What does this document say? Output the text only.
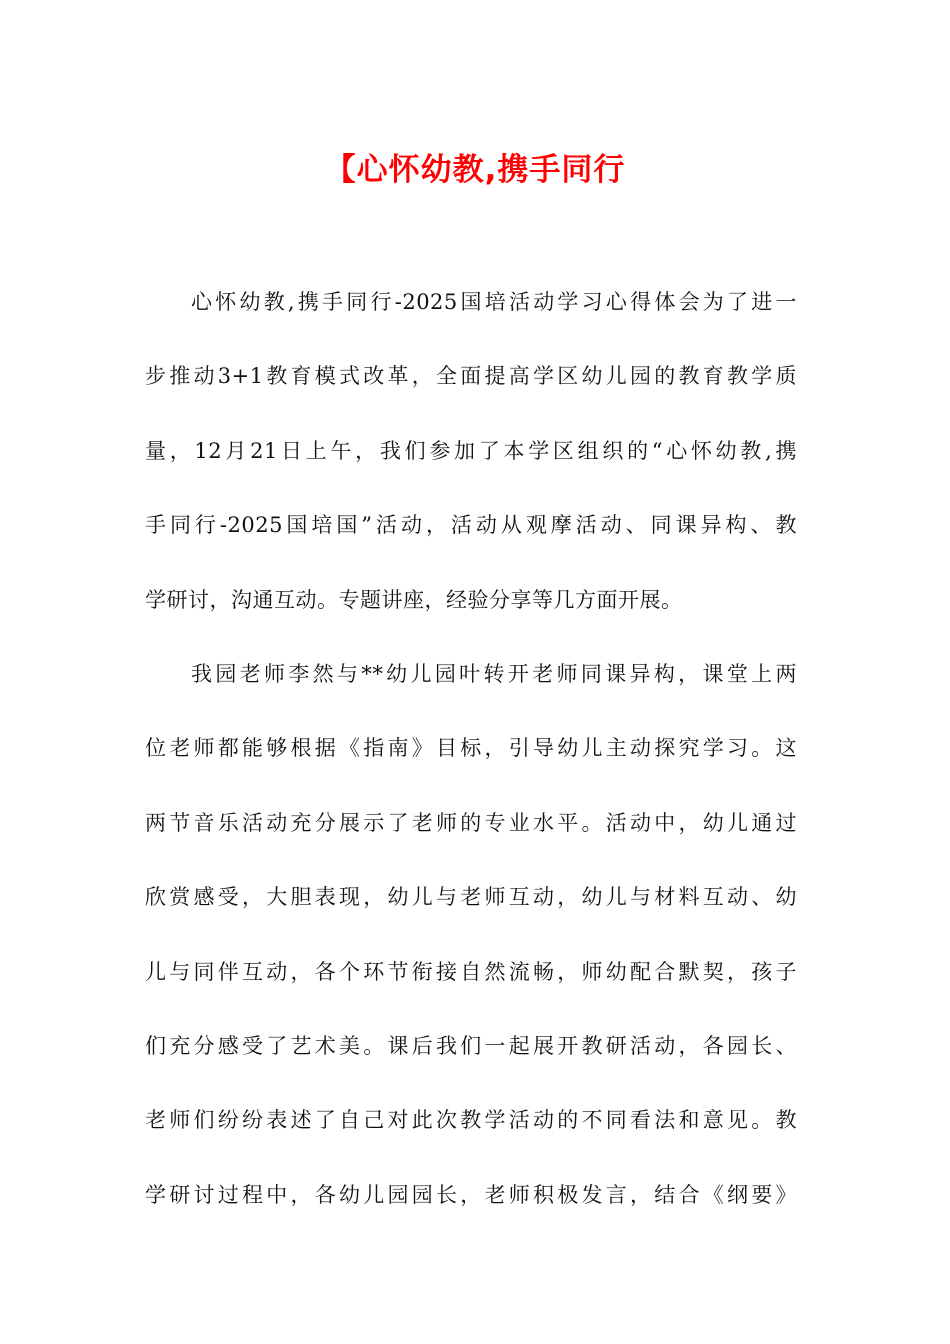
【心怀幼教,携手同行
心怀幼教,携手同行-2025国培活动学习心得体会为了进一
步推动3+1教育模式改革，全面提高学区幼儿园的教育教学质
量，12月21日上午，我们参加了本学区组织的“心怀幼教,携
手同行-2025国培国”活动，活动从观摩活动、同课异构、教
学研讨，沟通互动。专题讲座，经验分享等几方面开展。
我园老师李然与**幼儿园叶转开老师同课异构，课堂上两
位老师都能够根据《指南》目标，引导幼儿主动探究学习。这
两节音乐活动充分展示了老师的专业水平。活动中，幼儿通过
欣赏感受，大胆表现，幼儿与老师互动，幼儿与材料互动、幼
儿与同伴互动，各个环节衔接自然流畅，师幼配合默契，孩子
们充分感受了艺术美。课后我们一起展开教研活动，各园长、
老师们纷纷表述了自己对此次教学活动的不同看法和意见。教
学研讨过程中，各幼儿园园长，老师积极发言，结合《纲要》
